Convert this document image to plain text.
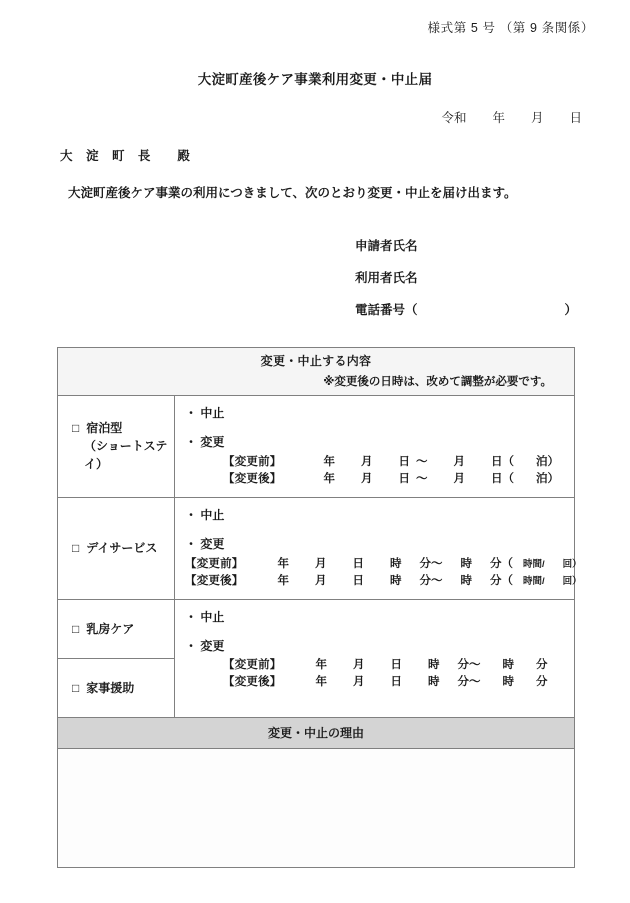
様式第 5 号 （第 9 条関係）
大淀町産後ケア事業利用変更・中止届
令和 年 月 日
大 淀 町 長 殿
大淀町産後ケア事業の利用につきまして、次のとおり変更・中止を届け出ます。
申請者氏名
利用者氏名
電話番号（	）
変更・中止する内容
※変更後の日時は、改めて調整が必要です。	

□ 宿泊型
（ショートステイ）

・ 中止
・ 変更
【変更前】	年 月 日 ～ 月 日（ 泊）
【変更後】	年 月 日 ～ 月 日（ 泊）

□ デイサービス	・ 中止
・ 変更
【変更前】 年 月 日 時 分～ 時 分（ 時間/ 回）
【変更後】 年 月 日 時 分～ 時 分（ 時間/ 回）

□ 乳房ケア	・ 中止
・ 変更
【変更前】 年 月 日 時 分～ 時 分
【変更後】 年 月 日 時 分～ 時 分

□ 家事援助	
変更・中止の理由	
